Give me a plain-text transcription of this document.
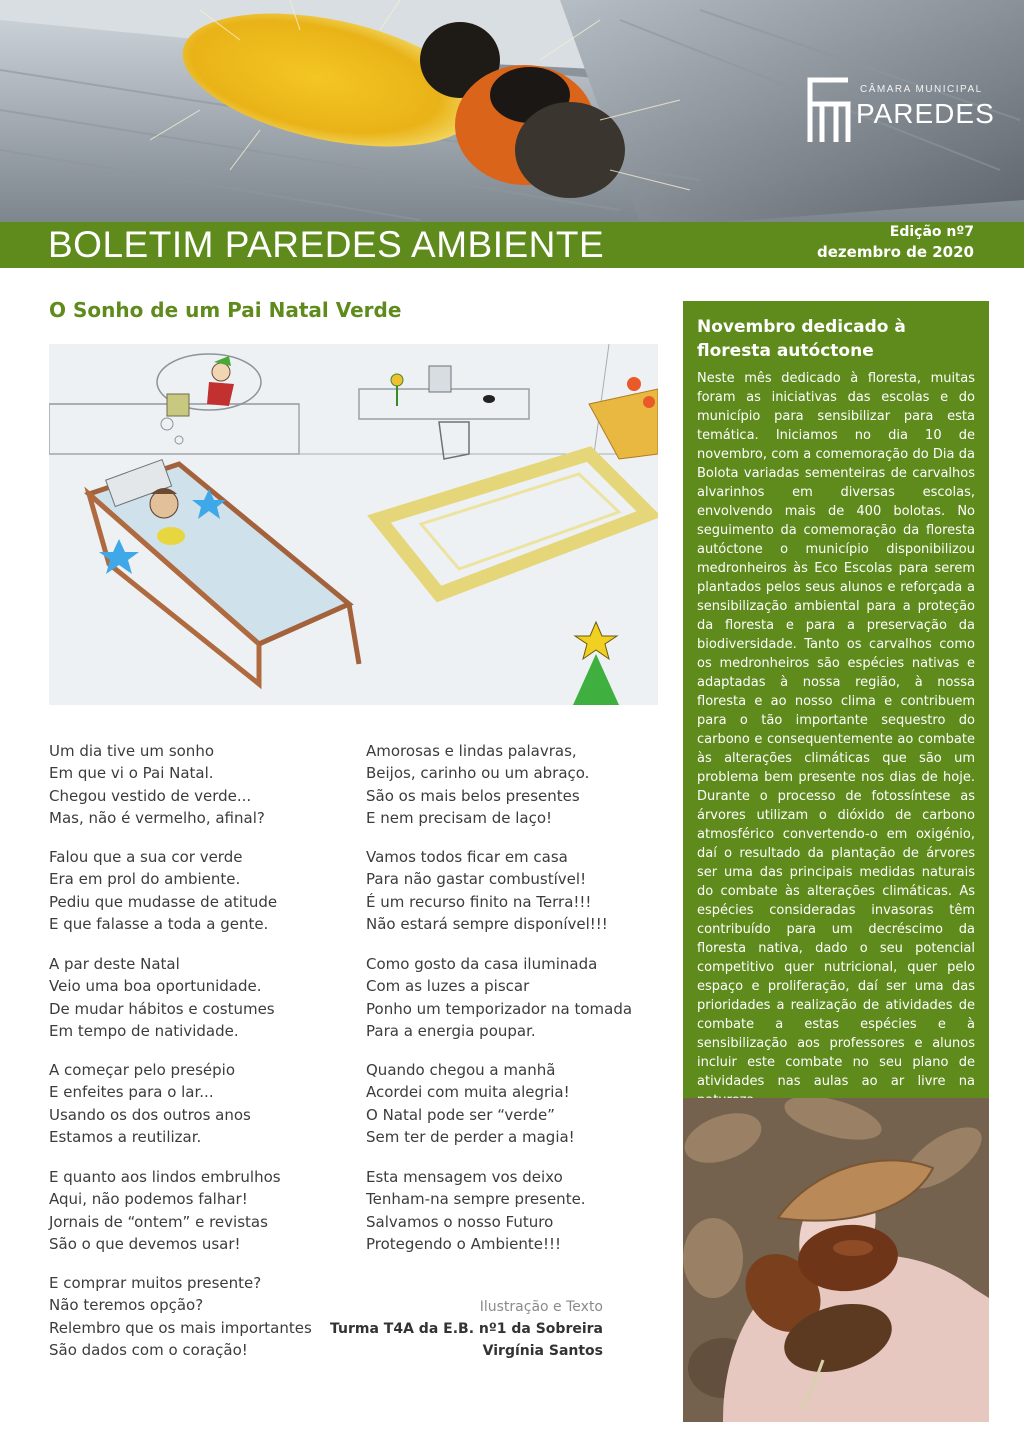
CÂMARA MUNICIPAL
PAREDES
BOLETIM PAREDES AMBIENTE	Edição nº7
dezembro de 2020
O Sonho de um Pai Natal Verde
Um dia tive um sonho
Em que vi o Pai Natal.
Chegou vestido de verde...
Mas, não é vermelho, afinal?
Falou que a sua cor verde
Era em prol do ambiente.
Pediu que mudasse de atitude
E que falasse a toda a gente.
A par deste Natal
Veio uma boa oportunidade.
De mudar hábitos e costumes
Em tempo de natividade.
A começar pelo presépio
E enfeites para o lar...
Usando os dos outros anos
Estamos a reutilizar.
E quanto aos lindos embrulhos
Aqui, não podemos falhar!
Jornais de “ontem” e revistas
São o que devemos usar!
E comprar muitos presente?
Não teremos opção?
Relembro que os mais importantes
São dados com o coração!
Amorosas e lindas palavras,
Beijos, carinho ou um abraço.
São os mais belos presentes
E nem precisam de laço!
Vamos todos ficar em casa
Para não gastar combustível!
É um recurso finito na Terra!!!
Não estará sempre disponível!!!
Como gosto da casa iluminada
Com as luzes a piscar
Ponho um temporizador na tomada
Para a energia poupar.
Quando chegou a manhã
Acordei com muita alegria!
O Natal pode ser “verde”
Sem ter de perder a magia!
Esta mensagem vos deixo
Tenham-na sempre presente.
Salvamos o nosso Futuro
Protegendo o Ambiente!!!
Ilustração e Texto
Turma T4A da E.B. nº1 da Sobreira
Virgínia Santos
Novembro dedicado à floresta autóctone
Neste mês dedicado à floresta, muitas foram as iniciativas das escolas e do município para sensibilizar para esta temática. Iniciamos no dia 10 de novembro, com a comemoração do Dia da Bolota variadas sementeiras de carvalhos alvarinhos em diversas escolas, envolvendo mais de 400 bolotas. No seguimento da comemoração da floresta autóctone o município disponibilizou medronheiros às Eco Escolas para serem plantados pelos seus alunos e reforçada a sensibilização ambiental para a proteção da floresta e para a preservação da biodiversidade. Tanto os carvalhos como os medronheiros são espécies nativas e adaptadas à nossa região, à nossa floresta e ao nosso clima e contribuem para o tão importante sequestro do carbono e consequentemente ao combate às alterações climáticas que são um problema bem presente nos dias de hoje. Durante o processo de fotossíntese as árvores utilizam o dióxido de carbono atmosférico convertendo-o em oxigénio, daí o resultado da plantação de árvores ser uma das principais medidas naturais do combate às alterações climáticas. As espécies consideradas invasoras têm contribuído para um decréscimo da floresta nativa, dado o seu potencial competitivo quer nutricional, quer pelo espaço e proliferação, daí ser uma das prioridades a realização de atividades de combate a estas espécies e à sensibilização aos professores e alunos incluir este combate no seu plano de atividades nas aulas ao ar livre na
